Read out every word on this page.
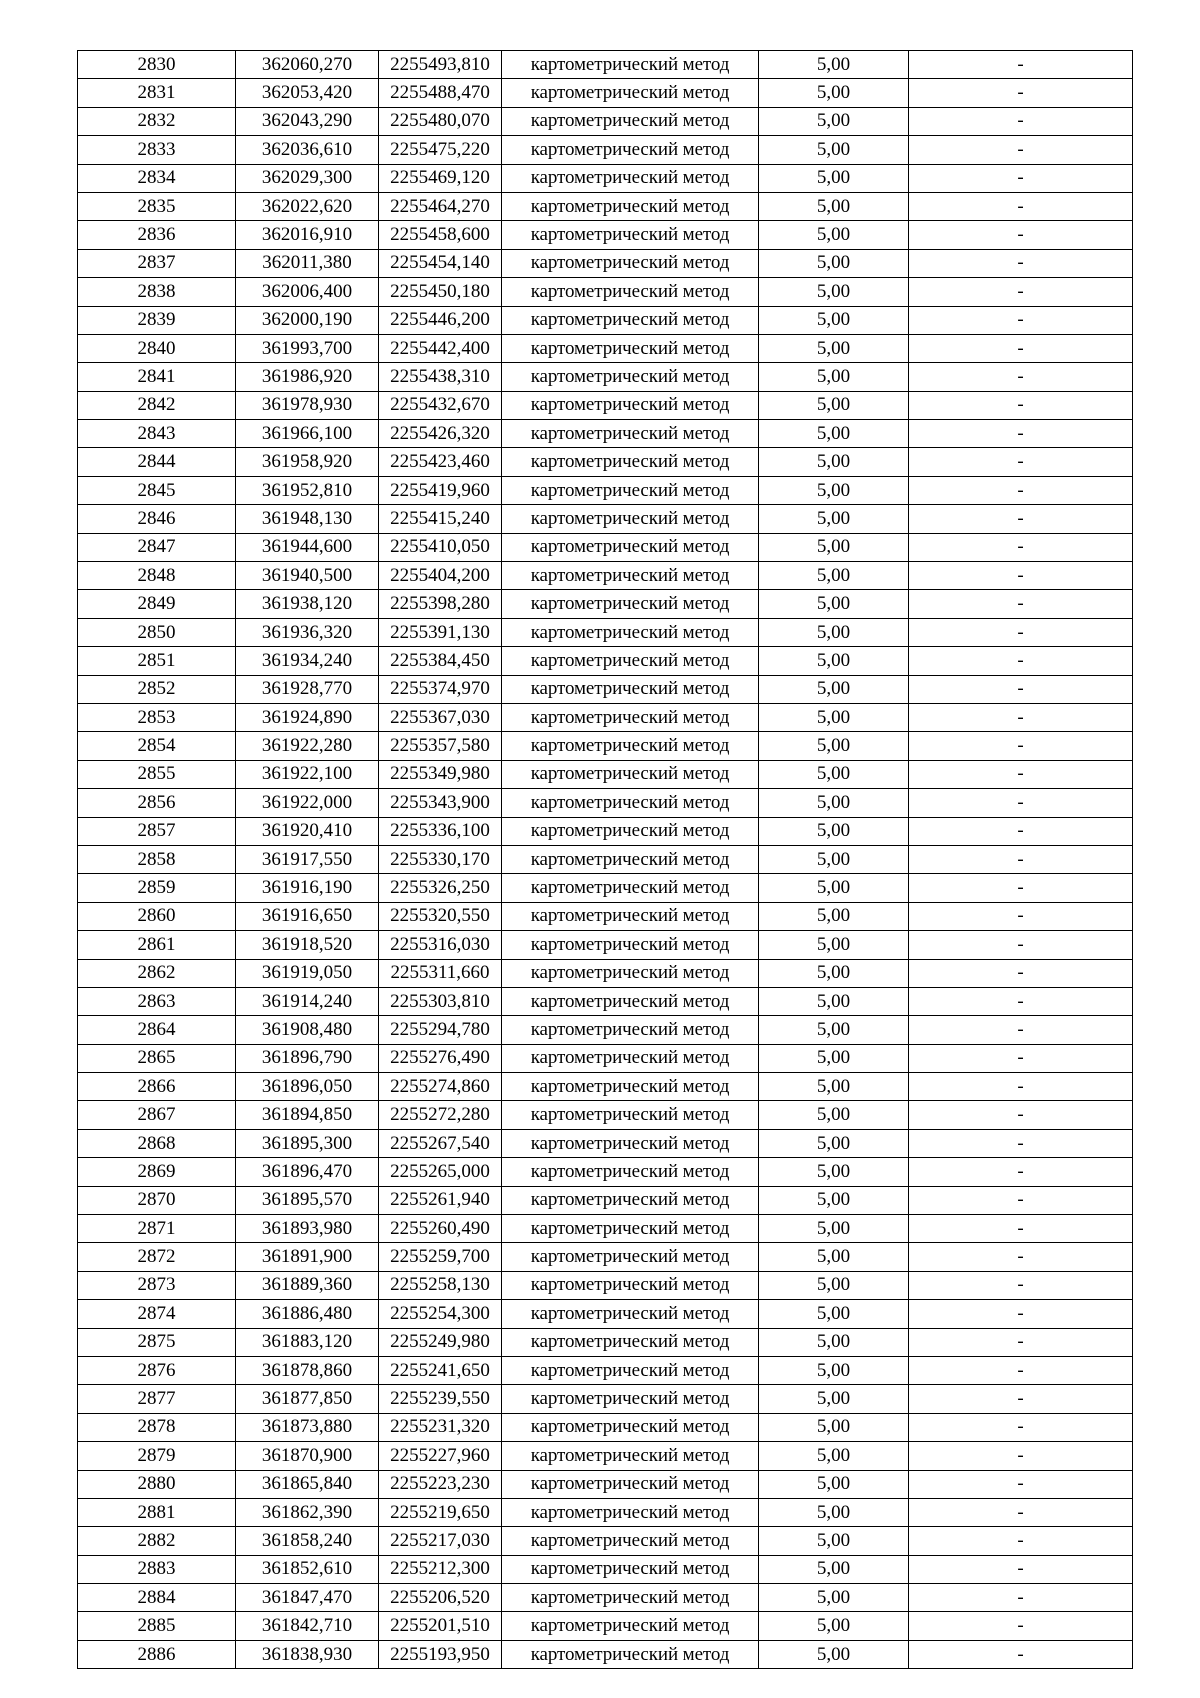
2830	362060,270	2255493,810	картометрический метод	5,00	-
2831	362053,420	2255488,470	картометрический метод	5,00	-
2832	362043,290	2255480,070	картометрический метод	5,00	-
2833	362036,610	2255475,220	картометрический метод	5,00	-
2834	362029,300	2255469,120	картометрический метод	5,00	-
2835	362022,620	2255464,270	картометрический метод	5,00	-
2836	362016,910	2255458,600	картометрический метод	5,00	-
2837	362011,380	2255454,140	картометрический метод	5,00	-
2838	362006,400	2255450,180	картометрический метод	5,00	-
2839	362000,190	2255446,200	картометрический метод	5,00	-
2840	361993,700	2255442,400	картометрический метод	5,00	-
2841	361986,920	2255438,310	картометрический метод	5,00	-
2842	361978,930	2255432,670	картометрический метод	5,00	-
2843	361966,100	2255426,320	картометрический метод	5,00	-
2844	361958,920	2255423,460	картометрический метод	5,00	-
2845	361952,810	2255419,960	картометрический метод	5,00	-
2846	361948,130	2255415,240	картометрический метод	5,00	-
2847	361944,600	2255410,050	картометрический метод	5,00	-
2848	361940,500	2255404,200	картометрический метод	5,00	-
2849	361938,120	2255398,280	картометрический метод	5,00	-
2850	361936,320	2255391,130	картометрический метод	5,00	-
2851	361934,240	2255384,450	картометрический метод	5,00	-
2852	361928,770	2255374,970	картометрический метод	5,00	-
2853	361924,890	2255367,030	картометрический метод	5,00	-
2854	361922,280	2255357,580	картометрический метод	5,00	-
2855	361922,100	2255349,980	картометрический метод	5,00	-
2856	361922,000	2255343,900	картометрический метод	5,00	-
2857	361920,410	2255336,100	картометрический метод	5,00	-
2858	361917,550	2255330,170	картометрический метод	5,00	-
2859	361916,190	2255326,250	картометрический метод	5,00	-
2860	361916,650	2255320,550	картометрический метод	5,00	-
2861	361918,520	2255316,030	картометрический метод	5,00	-
2862	361919,050	2255311,660	картометрический метод	5,00	-
2863	361914,240	2255303,810	картометрический метод	5,00	-
2864	361908,480	2255294,780	картометрический метод	5,00	-
2865	361896,790	2255276,490	картометрический метод	5,00	-
2866	361896,050	2255274,860	картометрический метод	5,00	-
2867	361894,850	2255272,280	картометрический метод	5,00	-
2868	361895,300	2255267,540	картометрический метод	5,00	-
2869	361896,470	2255265,000	картометрический метод	5,00	-
2870	361895,570	2255261,940	картометрический метод	5,00	-
2871	361893,980	2255260,490	картометрический метод	5,00	-
2872	361891,900	2255259,700	картометрический метод	5,00	-
2873	361889,360	2255258,130	картометрический метод	5,00	-
2874	361886,480	2255254,300	картометрический метод	5,00	-
2875	361883,120	2255249,980	картометрический метод	5,00	-
2876	361878,860	2255241,650	картометрический метод	5,00	-
2877	361877,850	2255239,550	картометрический метод	5,00	-
2878	361873,880	2255231,320	картометрический метод	5,00	-
2879	361870,900	2255227,960	картометрический метод	5,00	-
2880	361865,840	2255223,230	картометрический метод	5,00	-
2881	361862,390	2255219,650	картометрический метод	5,00	-
2882	361858,240	2255217,030	картометрический метод	5,00	-
2883	361852,610	2255212,300	картометрический метод	5,00	-
2884	361847,470	2255206,520	картометрический метод	5,00	-
2885	361842,710	2255201,510	картометрический метод	5,00	-
2886	361838,930	2255193,950	картометрический метод	5,00	-
